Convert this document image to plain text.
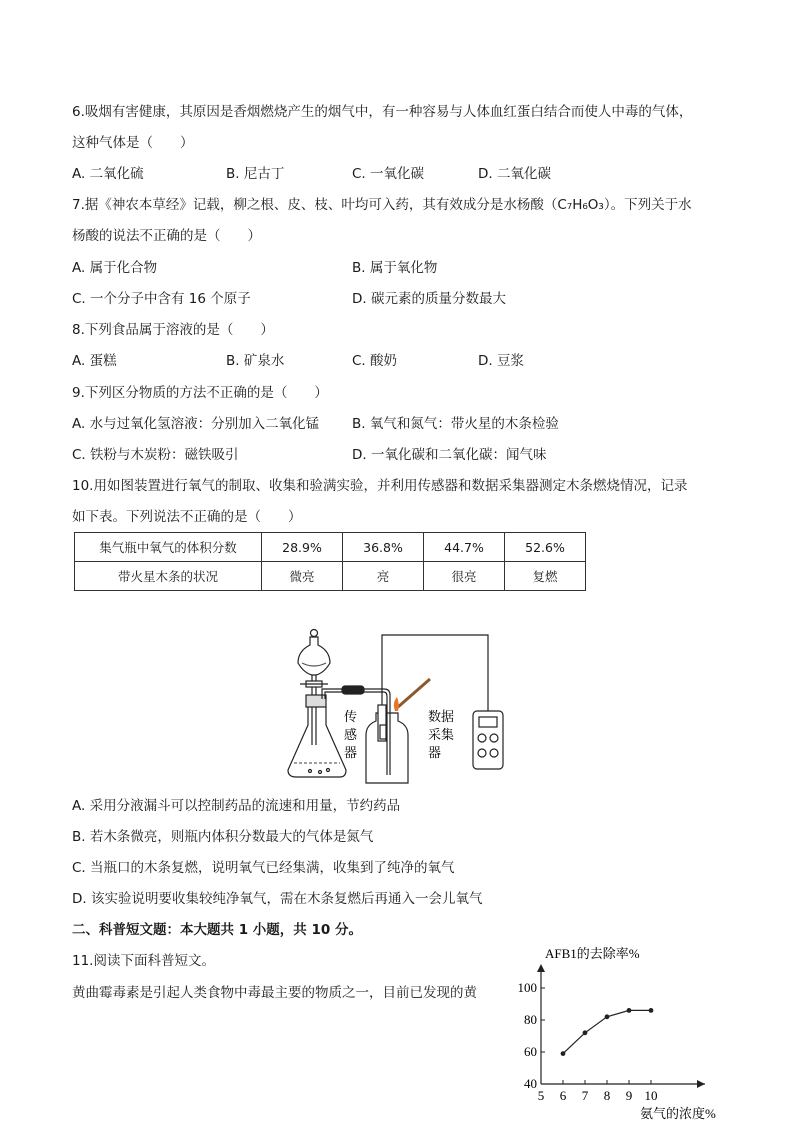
6.吸烟有害健康，其原因是香烟燃烧产生的烟气中，有一种容易与人体血红蛋白结合而使人中毒的气体，
这种气体是（　　）
A. 二氧化硫	B. 尼古丁	C. 一氧化碳	D. 二氧化碳
7.据《神农本草经》记载，柳之根、皮、枝、叶均可入药，其有效成分是水杨酸（C₇H₆O₃）。下列关于水
杨酸的说法不正确的是（　　）
A. 属于化合物	B. 属于氧化物
C. 一个分子中含有 16 个原子	D. 碳元素的质量分数最大
8.下列食品属于溶液的是（　　）
A. 蛋糕	B. 矿泉水	C. 酸奶	D. 豆浆
9.下列区分物质的方法不正确的是（　　）
A. 水与过氧化氢溶液：分别加入二氧化锰 B. 氧气和氮气：带火星的木条检验
C. 铁粉与木炭粉：磁铁吸引	D. 一氧化碳和二氧化碳：闻气味
10.用如图装置进行氧气的制取、收集和验满实验，并利用传感器和数据采集器测定木条燃烧情况，记录
如下表。下列说法不正确的是（　　）
集气瓶中氧气的体积分数	28.9%	36.8%	44.7%	52.6%
带火星木条的状况	微亮	亮	很亮	复燃
传
感
器
数据
采集
器
A. 采用分液漏斗可以控制药品的流速和用量，节约药品
B. 若木条微亮，则瓶内体积分数最大的气体是氮气
C. 当瓶口的木条复燃，说明氧气已经集满，收集到了纯净的氧气
D. 该实验说明要收集较纯净氧气，需在木条复燃后再通入一会儿氧气
二、科普短文题：本大题共 1 小题，共 10 分。
11.阅读下面科普短文。
黄曲霉毒素是引起人类食物中毒最主要的物质之一，目前已发现的黄
AFB1的去除率%
氨气的浓度%
5 6 7 8 9 10
40
60
80
100
